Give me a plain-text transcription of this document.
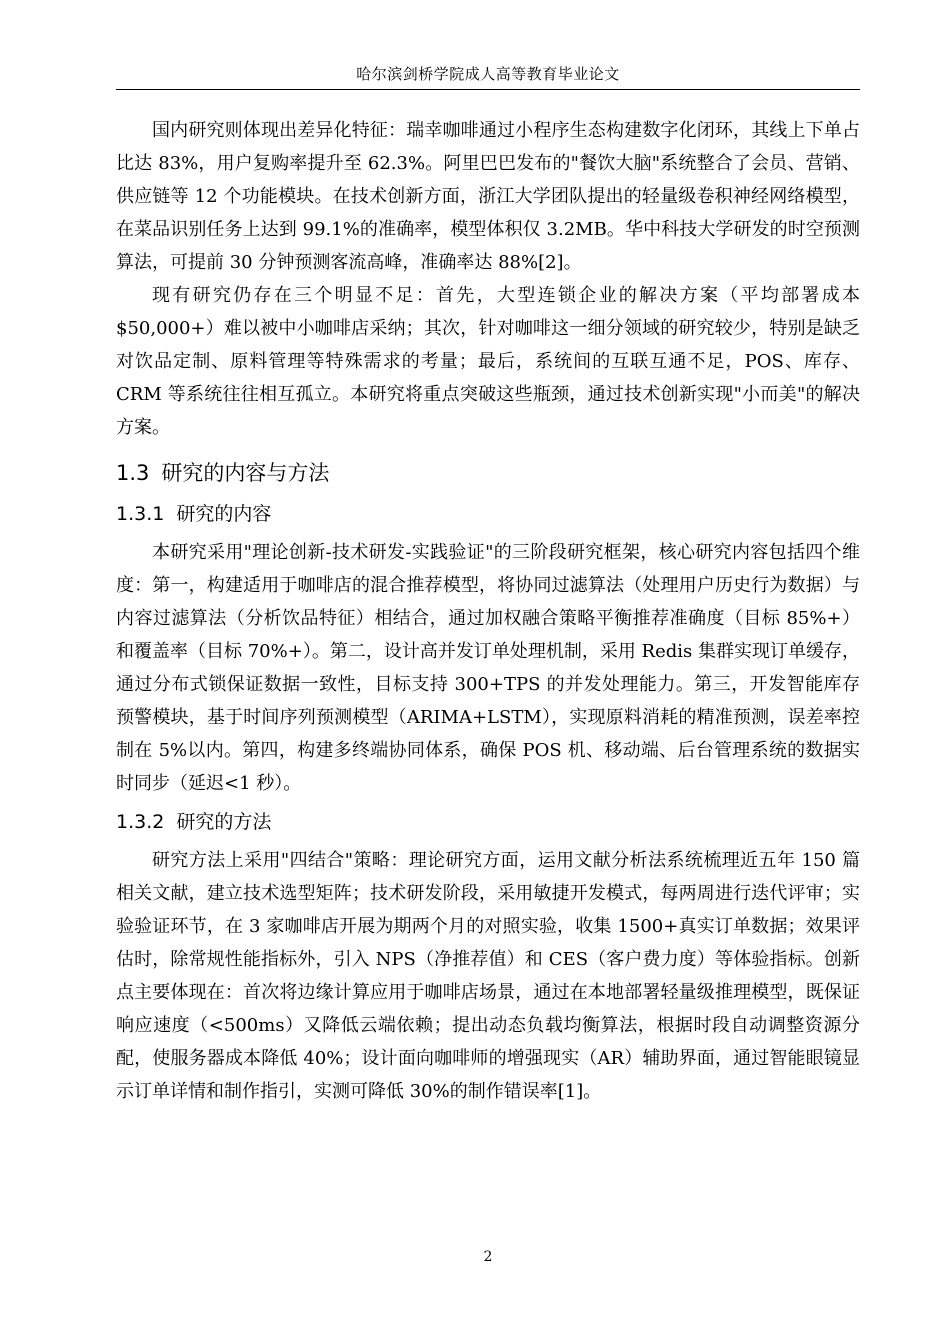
哈尔滨剑桥学院成人高等教育毕业论文

国内研究则体现出差异化特征：瑞幸咖啡通过小程序生态构建数字化闭环，其线上下单占比达 83%，用户复购率提升至 62.3%。阿里巴巴发布的"餐饮大脑"系统整合了会员、营销、供应链等 12 个功能模块。在技术创新方面，浙江大学团队提出的轻量级卷积神经网络模型，在菜品识别任务上达到 99.1%的准确率，模型体积仅 3.2MB。华中科技大学研发的时空预测算法，可提前 30 分钟预测客流高峰，准确率达 88%[2]。

现有研究仍存在三个明显不足：首先，大型连锁企业的解决方案（平均部署成本$50,000+）难以被中小咖啡店采纳；其次，针对咖啡这一细分领域的研究较少，特别是缺乏对饮品定制、原料管理等特殊需求的考量；最后，系统间的互联互通不足，POS、库存、CRM 等系统往往相互孤立。本研究将重点突破这些瓶颈，通过技术创新实现"小而美"的解决方案。

1.3 研究的内容与方法
1.3.1 研究的内容

本研究采用"理论创新-技术研发-实践验证"的三阶段研究框架，核心研究内容包括四个维度：第一，构建适用于咖啡店的混合推荐模型，将协同过滤算法（处理用户历史行为数据）与内容过滤算法（分析饮品特征）相结合，通过加权融合策略平衡推荐准确度（目标 85%+）和覆盖率（目标 70%+）。第二，设计高并发订单处理机制，采用 Redis 集群实现订单缓存，通过分布式锁保证数据一致性，目标支持 300+TPS 的并发处理能力。第三，开发智能库存预警模块，基于时间序列预测模型（ARIMA+LSTM），实现原料消耗的精准预测，误差率控制在 5%以内。第四，构建多终端协同体系，确保 POS 机、移动端、后台管理系统的数据实时同步（延迟<1 秒）。

1.3.2 研究的方法

研究方法上采用"四结合"策略：理论研究方面，运用文献分析法系统梳理近五年 150 篇相关文献，建立技术选型矩阵；技术研发阶段，采用敏捷开发模式，每两周进行迭代评审；实验验证环节，在 3 家咖啡店开展为期两个月的对照实验，收集 1500+真实订单数据；效果评估时，除常规性能指标外，引入 NPS（净推荐值）和 CES（客户费力度）等体验指标。创新点主要体现在：首次将边缘计算应用于咖啡店场景，通过在本地部署轻量级推理模型，既保证响应速度（<500ms）又降低云端依赖；提出动态负载均衡算法，根据时段自动调整资源分配，使服务器成本降低 40%；设计面向咖啡师的增强现实（AR）辅助界面，通过智能眼镜显示订单详情和制作指引，实测可降低 30%的制作错误率[1]。

2
